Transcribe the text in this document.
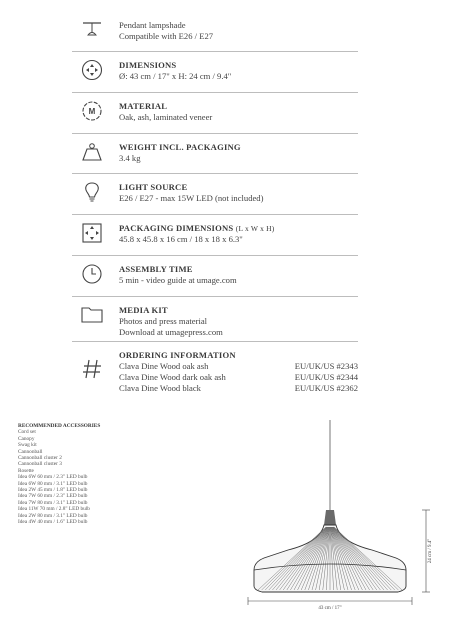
Pendant lampshade
Compatible with E26 / E27
DIMENSIONS
Ø: 43 cm / 17" x H: 24 cm / 9.4"
M
MATERIAL
Oak, ash, laminated veneer
WEIGHT INCL. PACKAGING
3.4 kg
LIGHT SOURCE
E26 / E27 - max 15W LED (not included)
PACKAGING DIMENSIONS (L x W x H)
45.8 x 45.8 x 16 cm / 18 x 18 x 6.3"
ASSEMBLY TIME
5 min - video guide at umage.com
MEDIA KIT
Photos and press material
Download at umagepress.com
ORDERING INFORMATION
Clava Dine Wood oak ash	EU/UK/US #2343
Clava Dine Wood dark oak ash	EU/UK/US #2344
Clava Dine Wood black	EU/UK/US #2362
RECOMMENDED ACCESSORIES
Cord set
Canopy
Swag kit
Cannonball
Cannonball cluster 2
Cannonball cluster 3
Rosette
Idea 6W 60 mm / 2.3" LED bulb
Idea 6W 80 mm / 3.1" LED bulb
Idea 2W 45 mm / 1.8" LED bulb
Idea 7W 60 mm / 2.3" LED bulb
Idea 7W 80 mm / 3.1" LED bulb
Idea 11W 70 mm / 2.8" LED bulb
Idea 2W 80 mm / 3.1" LED bulb
Idea 4W 40 mm / 1.6" LED bulb
24 cm / 9.4"
43 cm / 17"
